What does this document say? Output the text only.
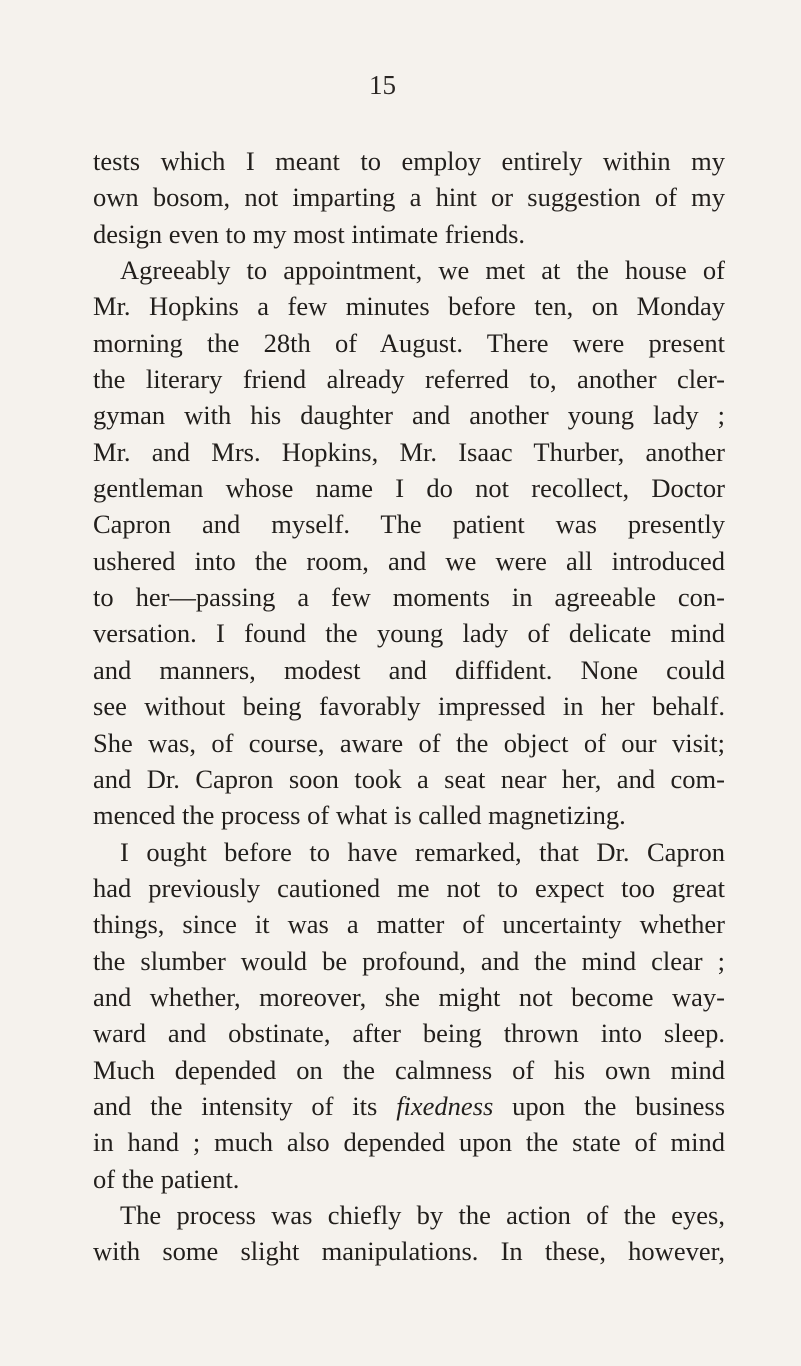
15
tests which I meant to employ entirely within my
own bosom, not imparting a hint or suggestion of my
design even to my most intimate friends.
Agreeably to appointment, we met at the house of
Mr. Hopkins a few minutes before ten, on Monday
morning the 28th of August. There were present
the literary friend already referred to, another cler-
gyman with his daughter and another young lady ;
Mr. and Mrs. Hopkins, Mr. Isaac Thurber, another
gentleman whose name I do not recollect, Doctor
Capron and myself. The patient was presently
ushered into the room, and we were all introduced
to her—passing a few moments in agreeable con-
versation. I found the young lady of delicate mind
and manners, modest and diffident. None could
see without being favorably impressed in her behalf.
She was, of course, aware of the object of our visit;
and Dr. Capron soon took a seat near her, and com-
menced the process of what is called magnetizing.
I ought before to have remarked, that Dr. Capron
had previously cautioned me not to expect too great
things, since it was a matter of uncertainty whether
the slumber would be profound, and the mind clear ;
and whether, moreover, she might not become way-
ward and obstinate, after being thrown into sleep.
Much depended on the calmness of his own mind
and the intensity of its fixedness upon the business
in hand ; much also depended upon the state of mind
of the patient.
The process was chiefly by the action of the eyes,
with some slight manipulations. In these, however,
